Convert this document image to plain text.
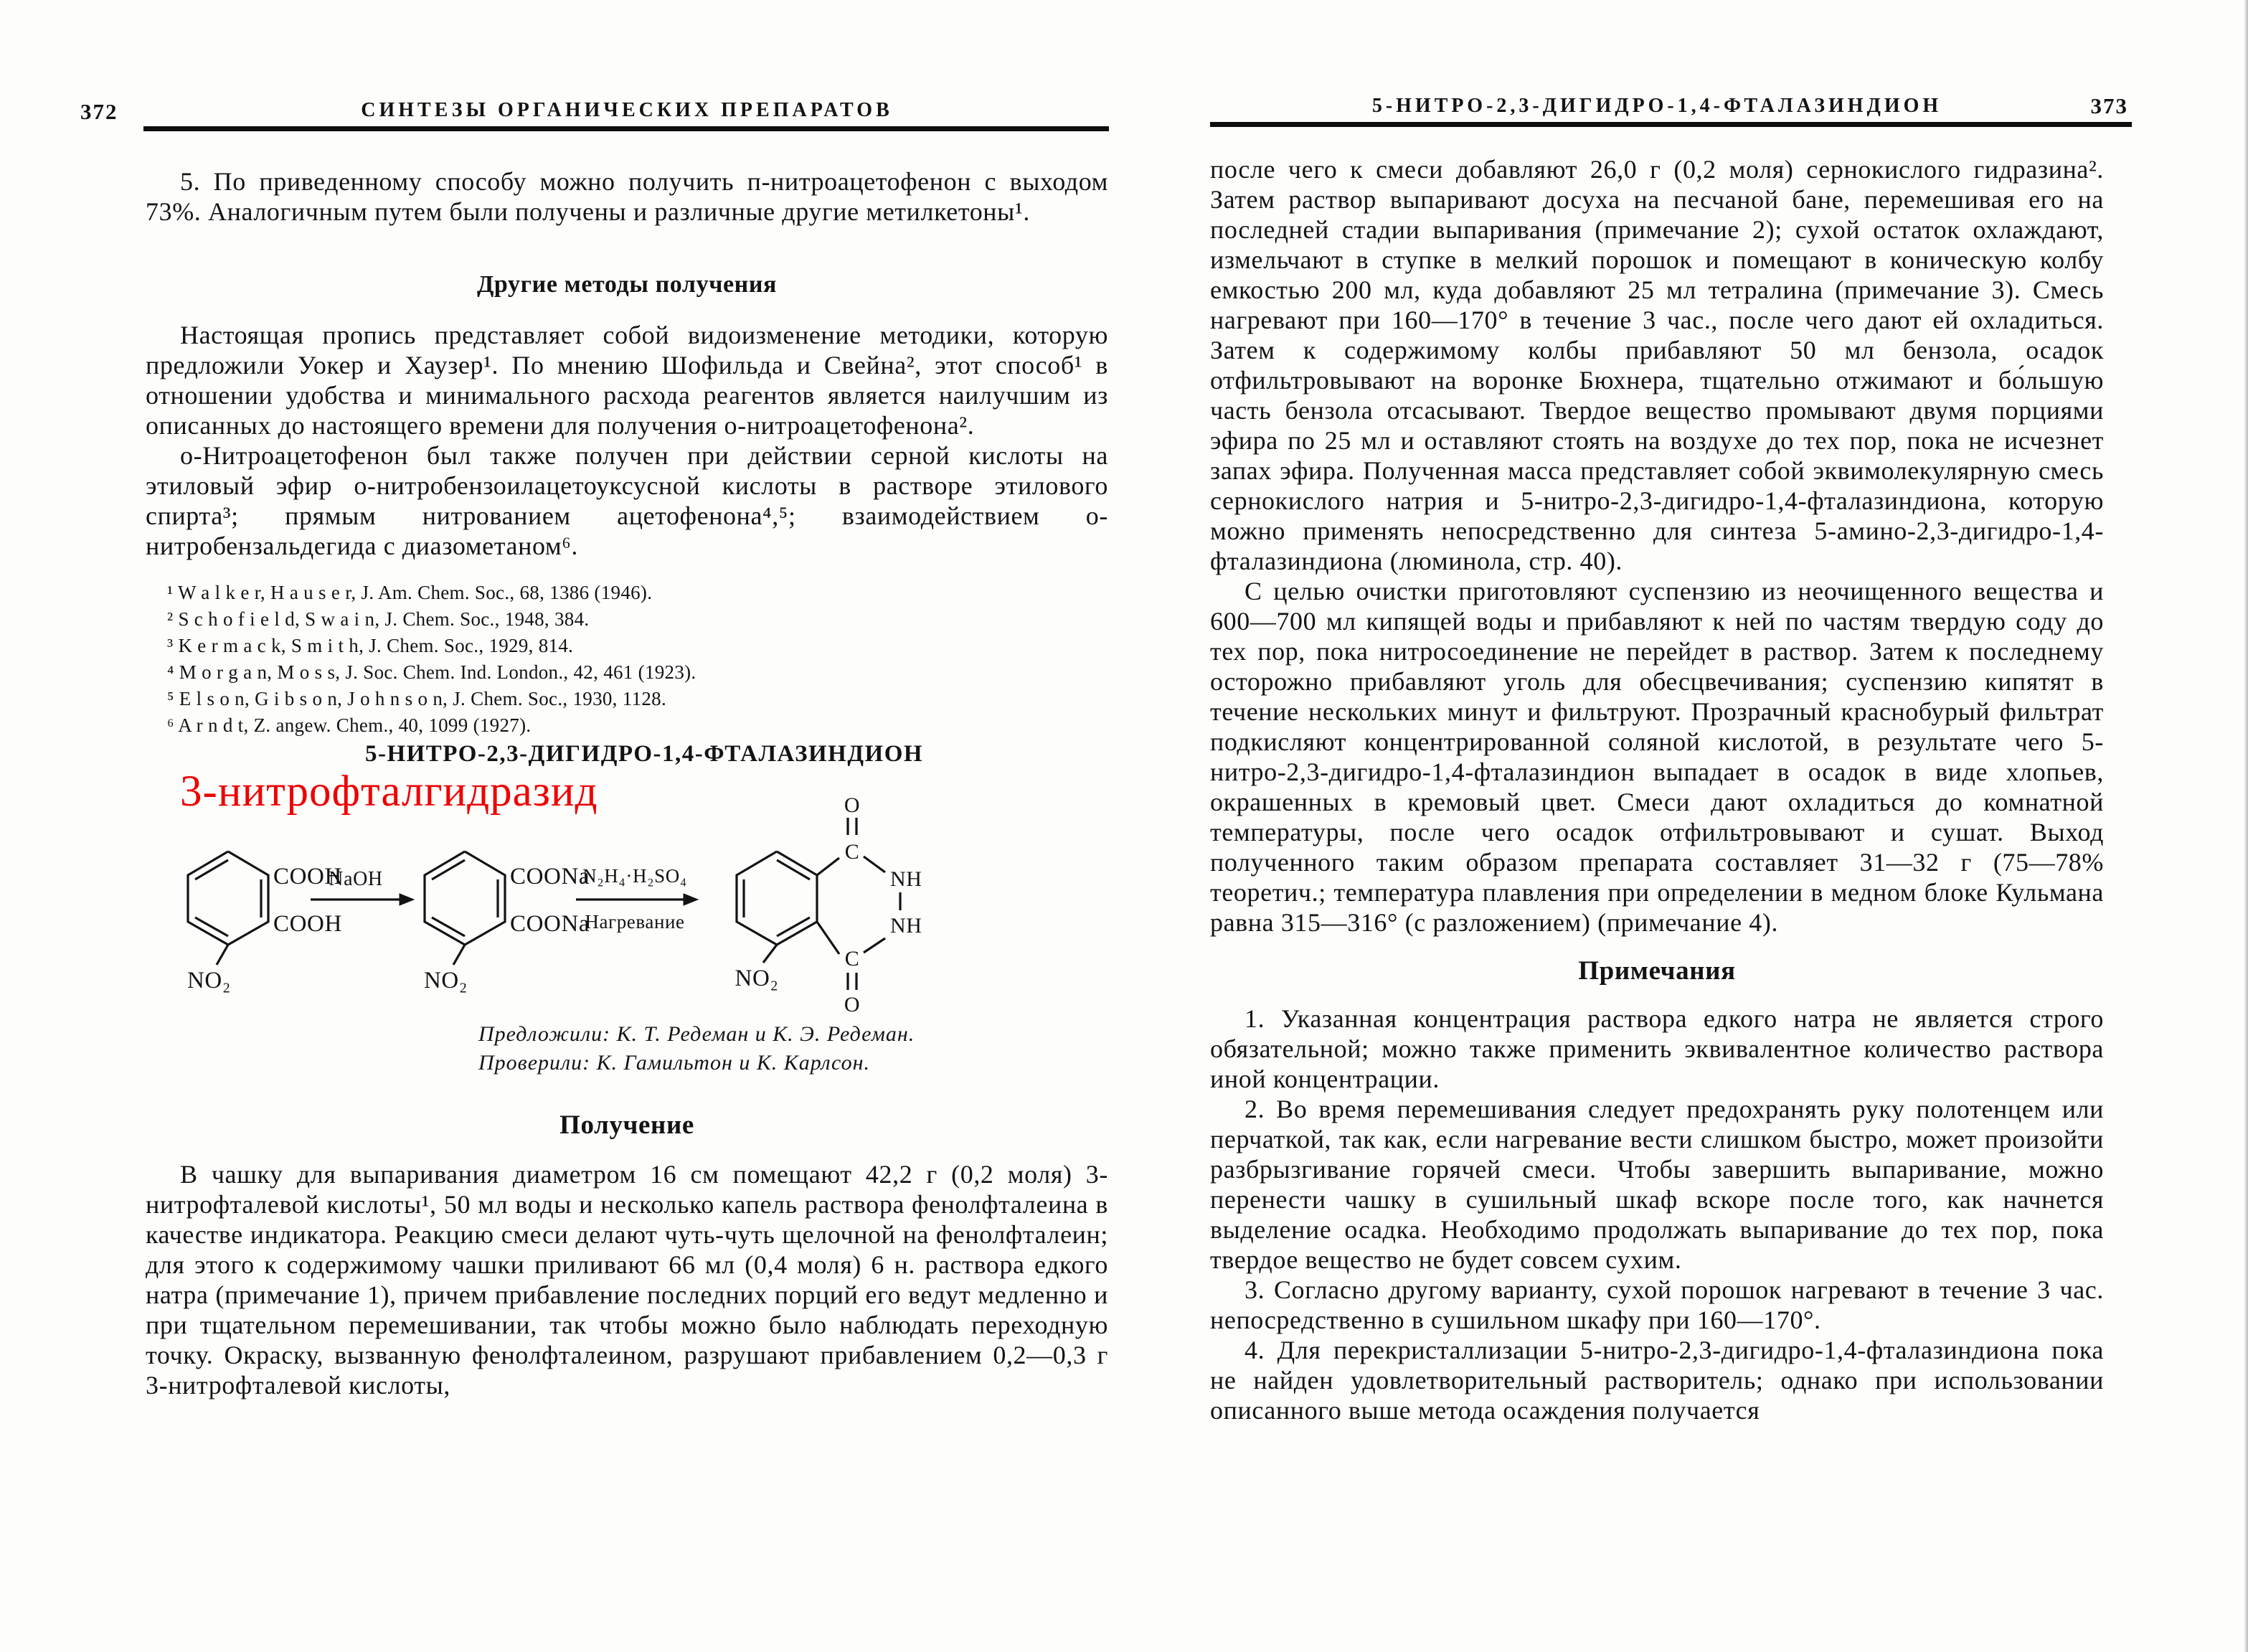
372	СИНТЕЗЫ ОРГАНИЧЕСКИХ ПРЕПАРАТОВ

5. По приведенному способу можно получить п-нитроацетофенон с выходом 73%. Аналогичным путем были получены и различные другие метилкетоны¹.

Другие методы получения

Настоящая пропись представляет собой видоизменение методики, которую предложили Уокер и Хаузер¹. По мнению Шофильда и Свейна², этот способ¹ в отношении удобства и минимального расхода реагентов является наилучшим из описанных до настоящего времени для получения о-нитроацетофенона².

о-Нитроацетофенон был также получен при действии серной кислоты на этиловый эфир о-нитробензоилацетоуксусной кислоты в растворе этилового спирта³; прямым нитрованием ацетофенона⁴,⁵; взаимодействием о-нитробензальдегида с диазометаном⁶.

¹ W a l k e r, H a u s e r, J. Am. Chem. Soc., 68, 1386 (1946).
² S c h o f i e l d, S w a i n, J. Chem. Soc., 1948, 384.
³ K e r m a c k, S m i t h, J. Chem. Soc., 1929, 814.
⁴ M o r g a n, M o s s, J. Soc. Chem. Ind. London., 42, 461 (1923).
⁵ E l s o n, G i b s o n, J o h n s o n, J. Chem. Soc., 1930, 1128.
⁶ A r n d t, Z. angew. Chem., 40, 1099 (1927).

5-НИТРО-2,3-ДИГИДРО-1,4-ФТАЛАЗИНДИОН

3-нитрофталгидразид

COOH
COOH
NO₂
NaOH	COONa
COONa
NO₂
N₂H₄·H₂SO₄
Нагревание
O
C
NH
NH
C
O
NO₂
Предложили: К. Т. Редеман и К. Э. Редеман.
Проверили: К. Гамильтон и К. Карлсон.

Получение

В чашку для выпаривания диаметром 16 см помещают 42,2 г (0,2 моля) 3-нитрофталевой кислоты¹, 50 мл воды и несколько капель раствора фенолфталеина в качестве индикатора. Реакцию смеси делают чуть-чуть щелочной на фенолфталеин; для этого к содержимому чашки приливают 66 мл (0,4 моля) 6 н. раствора едкого натра (примечание 1), причем прибавление последних порций его ведут медленно и при тщательном перемешивании, так чтобы можно было наблюдать переходную точку. Окраску, вызванную фенолфталеином, разрушают прибавлением 0,2—0,3 г 3-нитрофталевой кислоты,

5-НИТРО-2,3-ДИГИДРО-1,4-ФТАЛАЗИНДИОН	373

после чего к смеси добавляют 26,0 г (0,2 моля) сернокислого гидразина². Затем раствор выпаривают досуха на песчаной бане, перемешивая его на последней стадии выпаривания (примечание 2); сухой остаток охлаждают, измельчают в ступке в мелкий порошок и помещают в коническую колбу емкостью 200 мл, куда добавляют 25 мл тетралина (примечание 3). Смесь нагревают при 160—170° в течение 3 час., после чего дают ей охладиться. Затем к содержимому колбы прибавляют 50 мл бензола, осадок отфильтровывают на воронке Бюхнера, тщательно отжимают и бо́льшую часть бензола отсасывают. Твердое вещество промывают двумя порциями эфира по 25 мл и оставляют стоять на воздухе до тех пор, пока не исчезнет запах эфира. Полученная масса представляет собой эквимолекулярную смесь сернокислого натрия и 5-нитро-2,3-дигидро-1,4-фталазиндиона, которую можно применять непосредственно для синтеза 5-амино-2,3-дигидро-1,4-фталазиндиона (люминола, стр. 40).

С целью очистки приготовляют суспензию из неочищенного вещества и 600—700 мл кипящей воды и прибавляют к ней по частям твердую соду до тех пор, пока нитросоединение не перейдет в раствор. Затем к последнему осторожно прибавляют уголь для обесцвечивания; суспензию кипятят в течение нескольких минут и фильтруют. Прозрачный краснобурый фильтрат подкисляют концентрированной соляной кислотой, в результате чего 5-нитро-2,3-дигидро-1,4-фталазиндион выпадает в осадок в виде хлопьев, окрашенных в кремовый цвет. Смеси дают охладиться до комнатной температуры, после чего осадок отфильтровывают и сушат. Выход полученного таким образом препарата составляет 31—32 г (75—78% теоретич.; температура плавления при определении в медном блоке Кульмана равна 315—316° (с разложением) (примечание 4).

Примечания

1. Указанная концентрация раствора едкого натра не является строго обязательной; можно также применить эквивалентное количество раствора иной концентрации.

2. Во время перемешивания следует предохранять руку полотенцем или перчаткой, так как, если нагревание вести слишком быстро, может произойти разбрызгивание горячей смеси. Чтобы завершить выпаривание, можно перенести чашку в сушильный шкаф вскоре после того, как начнется выделение осадка. Необходимо продолжать выпаривание до тех пор, пока твердое вещество не будет совсем сухим.

3. Согласно другому варианту, сухой порошок нагревают в течение 3 час. непосредственно в сушильном шкафу при 160—170°.

4. Для перекристаллизации 5-нитро-2,3-дигидро-1,4-фталазиндиона пока не найден удовлетворительный растворитель; однако при использовании описанного выше метода осаждения получается
